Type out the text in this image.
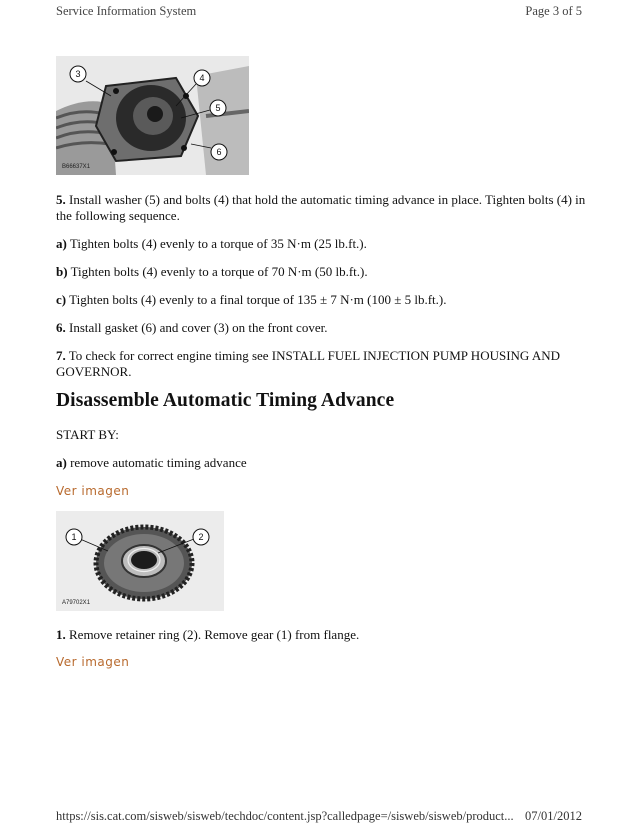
Service Information System	Page 3 of 5
3	4
5
6
B66637X1

5. Install washer (5) and bolts (4) that hold the automatic timing advance in place. Tighten bolts (4) in the following sequence.

a) Tighten bolts (4) evenly to a torque of 35 N·m (25 lb.ft.).

b) Tighten bolts (4) evenly to a torque of 70 N·m (50 lb.ft.).

c) Tighten bolts (4) evenly to a final torque of 135 ± 7 N·m (100 ± 5 lb.ft.).

6. Install gasket (6) and cover (3) on the front cover.

7. To check for correct engine timing see INSTALL FUEL INJECTION PUMP HOUSING AND GOVERNOR.

Disassemble Automatic Timing Advance

START BY:

a) remove automatic timing advance

Ver imagen
1	2
A79702X1

1. Remove retainer ring (2). Remove gear (1) from flange.

Ver imagen
https://sis.cat.com/sisweb/sisweb/techdoc/content.jsp?calledpage=/sisweb/sisweb/product... 07/01/2012
